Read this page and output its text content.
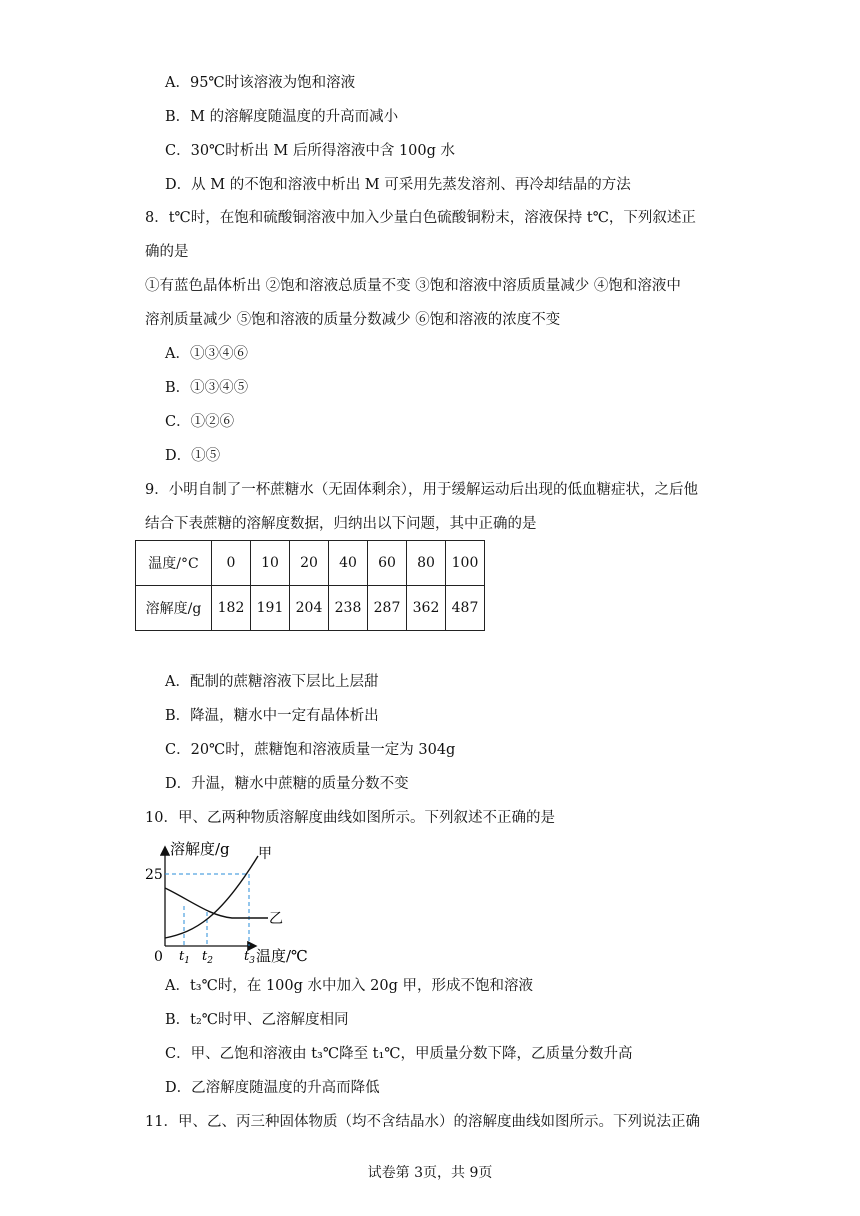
A．95℃时该溶液为饱和溶液
B．M 的溶解度随温度的升高而减小
C．30℃时析出 M 后所得溶液中含 100g 水
D．从 M 的不饱和溶液中析出 M 可采用先蒸发溶剂、再冷却结晶的方法
8．t℃时，在饱和硫酸铜溶液中加入少量白色硫酸铜粉末，溶液保持 t℃，下列叙述正
确的是
①有蓝色晶体析出 ②饱和溶液总质量不变 ③饱和溶液中溶质质量减少 ④饱和溶液中
溶剂质量减少 ⑤饱和溶液的质量分数减少 ⑥饱和溶液的浓度不变
A．①③④⑥
B．①③④⑤
C．①②⑥
D．①⑤
9．小明自制了一杯蔗糖水（无固体剩余），用于缓解运动后出现的低血糖症状，之后他
结合下表蔗糖的溶解度数据，归纳出以下问题，其中正确的是
温度/°C	0	10	20	40	60	80	100
溶解度/g	182	191	204	238	287	362	487
A．配制的蔗糖溶液下层比上层甜
B．降温，糖水中一定有晶体析出
C．20℃时，蔗糖饱和溶液质量一定为 304g
D．升温，糖水中蔗糖的质量分数不变
10．甲、乙两种物质溶解度曲线如图所示。下列叙述不正确的是
溶解度/g 甲
乙
25
0	温度/℃
$t_1$ $t_2$ $t_3$
A．t₃℃时，在 100g 水中加入 20g 甲，形成不饱和溶液
B．t₂℃时甲、乙溶解度相同
C．甲、乙饱和溶液由 t₃℃降至 t₁℃，甲质量分数下降，乙质量分数升高
D．乙溶解度随温度的升高而降低
11．甲、乙、丙三种固体物质（均不含结晶水）的溶解度曲线如图所示。下列说法正确
试卷第 3页，共 9页
